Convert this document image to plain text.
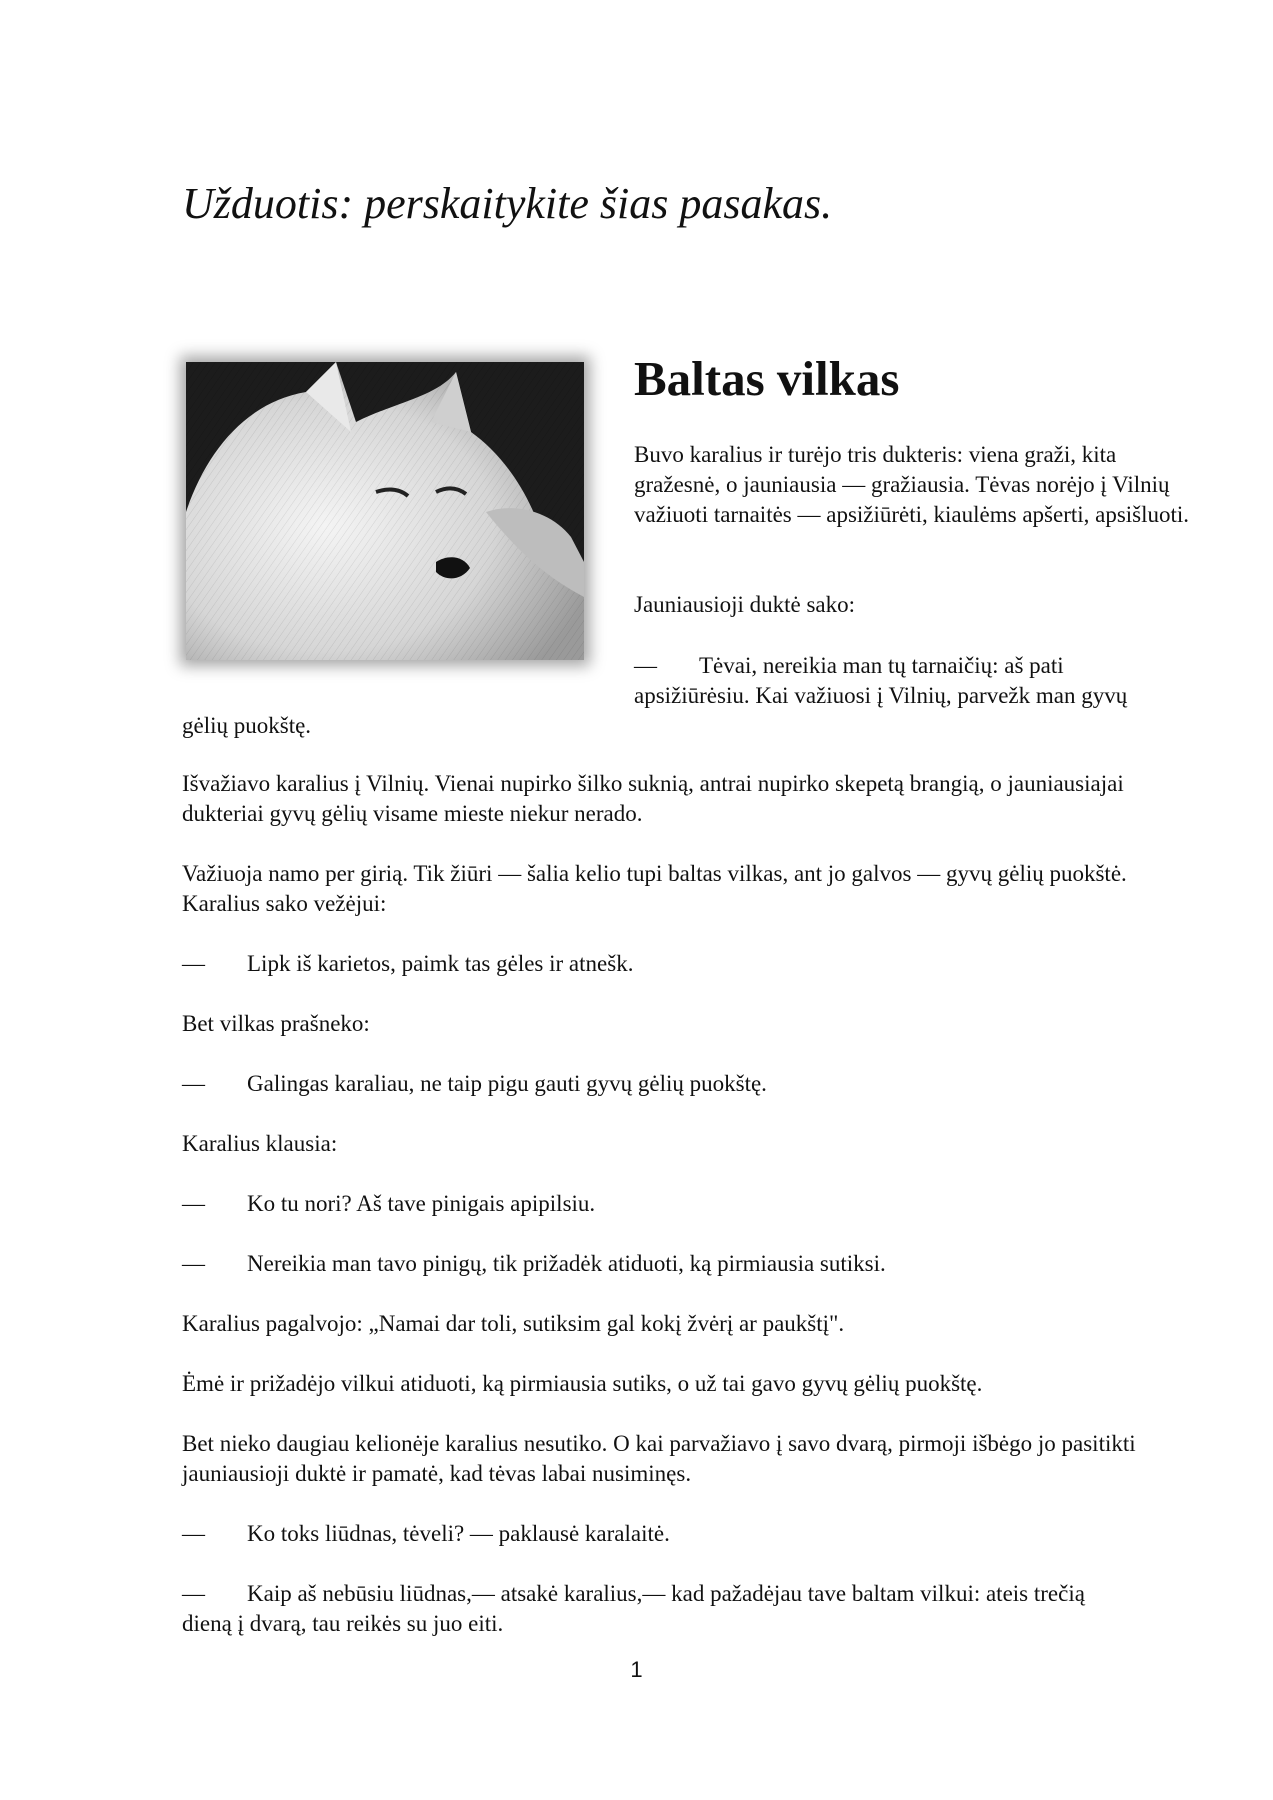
Užduotis: perskaitykite šias pasakas.
Baltas vilkas

Buvo karalius ir turėjo tris dukteris: viena graži, kita gražesnė, o jauniausia — gražiausia. Tėvas norėjo į Vilnių važiuoti tarnaitės — apsižiūrėti, kiaulėms apšerti, apsišluoti.

Jauniausioji duktė sako:

— Tėvai, nereikia man tų tarnaičių: aš pati
apsižiūrėsiu. Kai važiuosi į Vilnių, parvežk man gyvų
gėlių puokštę.

Išvažiavo karalius į Vilnių. Vienai nupirko šilko suknią, antrai nupirko skepetą brangią, o jauniausiajai dukteriai gyvų gėlių visame mieste niekur nerado.

Važiuoja namo per girią. Tik žiūri — šalia kelio tupi baltas vilkas, ant jo galvos — gyvų gėlių puokštė. Karalius sako vežėjui:

— Lipk iš karietos, paimk tas gėles ir atnešk.

Bet vilkas prašneko:

— Galingas karaliau, ne taip pigu gauti gyvų gėlių puokštę.

Karalius klausia:

— Ko tu nori? Aš tave pinigais apipilsiu.
— Nereikia man tavo pinigų, tik prižadėk atiduoti, ką pirmiausia sutiksi.

Karalius pagalvojo: „Namai dar toli, sutiksim gal kokį žvėrį ar paukštį".

Ėmė ir prižadėjo vilkui atiduoti, ką pirmiausia sutiks, o už tai gavo gyvų gėlių puokštę.

Bet nieko daugiau kelionėje karalius nesutiko. O kai parvažiavo į savo dvarą, pirmoji išbėgo jo pasitikti jauniausioji duktė ir pamatė, kad tėvas labai nusiminęs.

— Ko toks liūdnas, tėveli? — paklausė karalaitė.
— Kaip aš nebūsiu liūdnas,— atsakė karalius,— kad pažadėjau tave baltam vilkui: ateis trečią
dieną į dvarą, tau reikės su juo eiti.
1
